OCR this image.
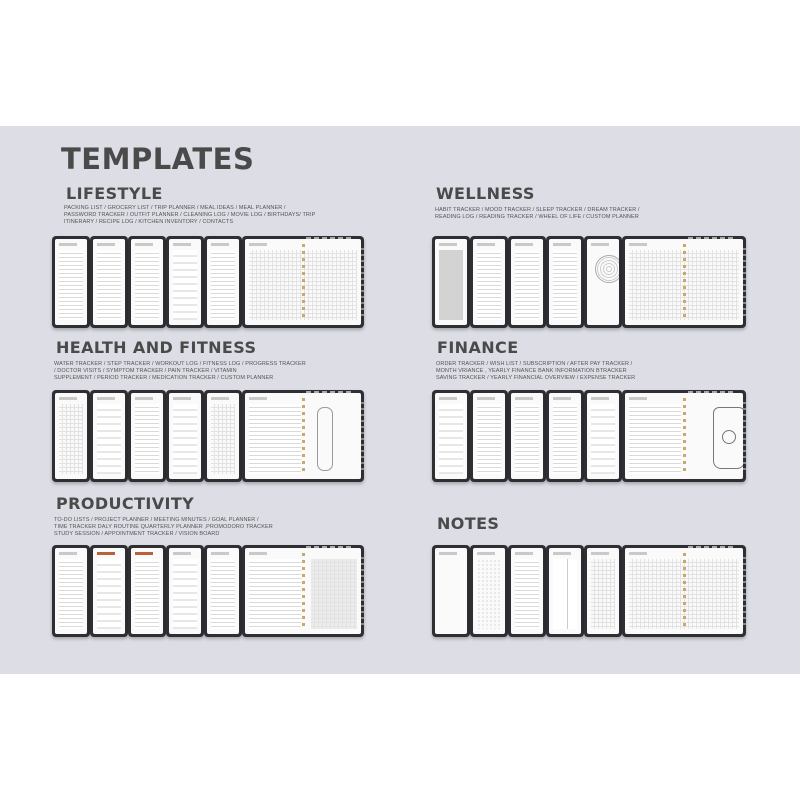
TEMPLATES
LIFESTYLE
PACKING LIST / GROCERY LIST / TRIP PLANNER / MEAL IDEAS / MEAL PLANNER /
PASSWORD TRACKER / OUTFIT PLANNER / CLEANING LOG / MOVIE LOG / BIRTHDAYS/ TRIP
ITINERARY / RECIPE LOG / KITCHEN INVENTORY / CONTACTS
WELLNESS
HABIT TRACKER / MOOD TRACKER / SLEEP TRACKER / DREAM TRACKER /
READING LOG / READING TRACKER / WHEEL OF LIFE / CUSTOM PLANNER
HEALTH AND FITNESS
WATER TRACKER / STEP TRACKER / WORKOUT LOG / FITNESS LOG / PROGRESS TRACKER
/ DOCTOR VISITS / SYMPTOM TRACKER / PAIN TRACKER / VITAMIN
SUPPLEMENT / PERIOD TRACKER / MEDICATION TRACKER / CUSTOM PLANNER
FINANCE
ORDER TRACKER / WISH LIST / SUBSCRIPTION / AFTER PAY TRACKER /
MONTH VRIANCE , YEARLY FINANCE BANK INFORMATION BTRACKER
SAVING TRACKER / YEARLY FINANCIAL OVERVIEW / EXPENSE TRACKER
PRODUCTIVITY
TO-DO LISTS / PROJECT PLANNER / MEETING MINUTES / GOAL PLANNER /
TIME TRACKER DALY ROUTINE QUARTERLY PLANNER ,PROMODORO TRACKER
STUDY SESSION / APPOINTMENT TRACKER / VISION BOARD
NOTES
